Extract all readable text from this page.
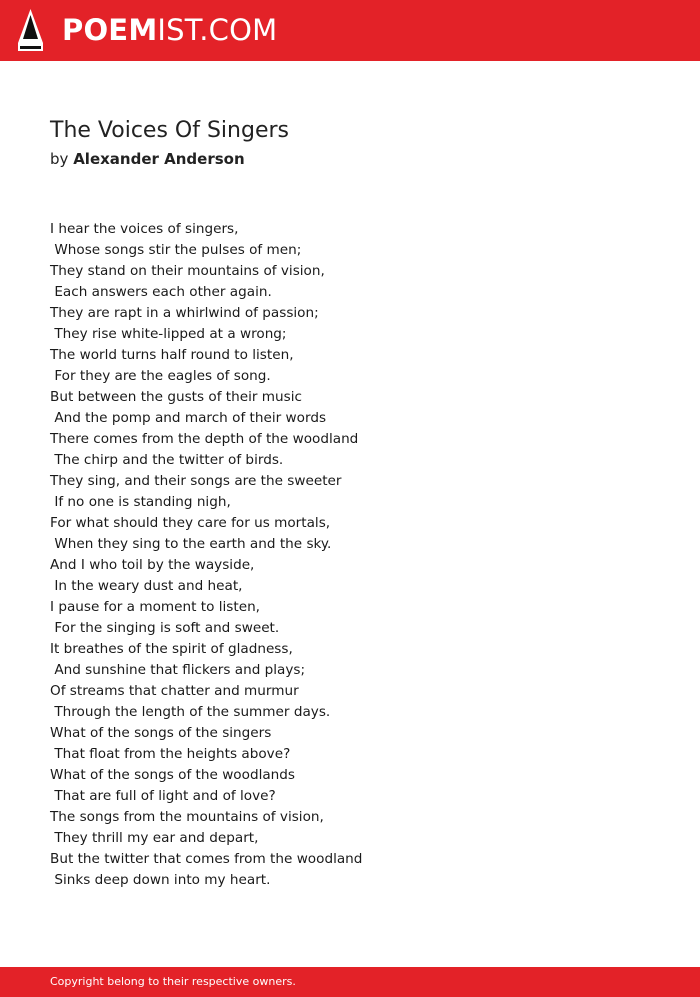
POEMIST.COM
The Voices Of Singers
by Alexander Anderson
I hear the voices of singers,
Whose songs stir the pulses of men;
They stand on their mountains of vision,
Each answers each other again.
They are rapt in a whirlwind of passion;
They rise white-lipped at a wrong;
The world turns half round to listen,
For they are the eagles of song.
But between the gusts of their music
And the pomp and march of their words
There comes from the depth of the woodland
The chirp and the twitter of birds.
They sing, and their songs are the sweeter
If no one is standing nigh,
For what should they care for us mortals,
When they sing to the earth and the sky.
And I who toil by the wayside,
In the weary dust and heat,
I pause for a moment to listen,
For the singing is soft and sweet.
It breathes of the spirit of gladness,
And sunshine that flickers and plays;
Of streams that chatter and murmur
Through the length of the summer days.
What of the songs of the singers
That float from the heights above?
What of the songs of the woodlands
That are full of light and of love?
The songs from the mountains of vision,
They thrill my ear and depart,
But the twitter that comes from the woodland
Sinks deep down into my heart.
Copyright belong to their respective owners.
